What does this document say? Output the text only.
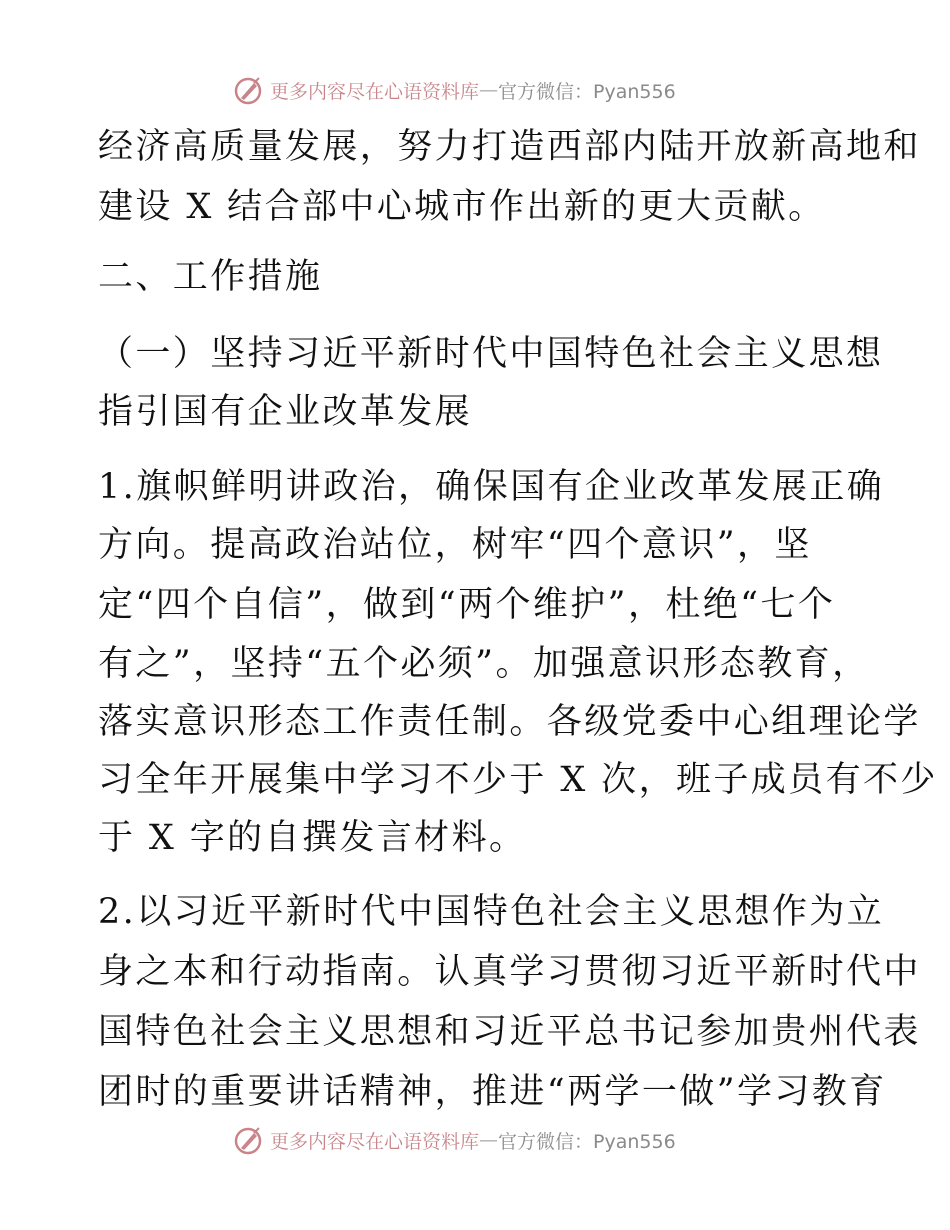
更多内容尽在心语资料库 — 官方微信：Pyan556
经济高质量发展，努力打造西部内陆开放新高地和
建设 X 结合部中心城市作出新的更大贡献。
二、工作措施
（一）坚持习近平新时代中国特色社会主义思想
指引国有企业改革发展
1.旗帜鲜明讲政治，确保国有企业改革发展正确
方向。提高政治站位，树牢“四个意识”，坚
定“四个自信”，做到“两个维护”，杜绝“七个
有之”，坚持“五个必须”。加强意识形态教育，
落实意识形态工作责任制。各级党委中心组理论学
习全年开展集中学习不少于 X 次，班子成员有不少
于 X 字的自撰发言材料。
2.以习近平新时代中国特色社会主义思想作为立
身之本和行动指南。认真学习贯彻习近平新时代中
国特色社会主义思想和习近平总书记参加贵州代表
团时的重要讲话精神，推进“两学一做”学习教育
更多内容尽在心语资料库 — 官方微信：Pyan556
